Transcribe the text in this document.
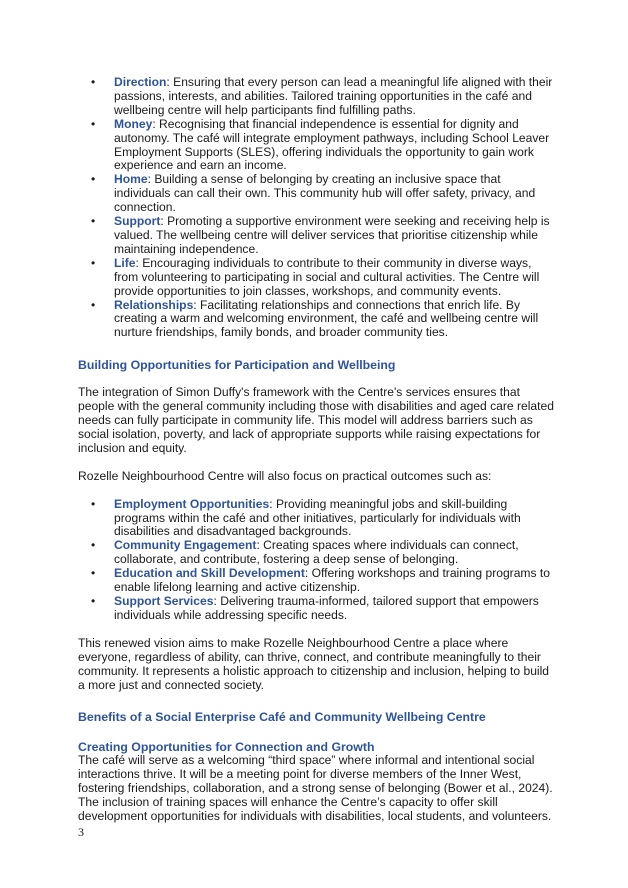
• Direction: Ensuring that every person can lead a meaningful life aligned with their passions, interests, and abilities. Tailored training opportunities in the café and wellbeing centre will help participants find fulfilling paths.
• Money: Recognising that financial independence is essential for dignity and autonomy. The café will integrate employment pathways, including School Leaver Employment Supports (SLES), offering individuals the opportunity to gain work experience and earn an income.
• Home: Building a sense of belonging by creating an inclusive space that individuals can call their own. This community hub will offer safety, privacy, and connection.
• Support: Promoting a supportive environment were seeking and receiving help is valued. The wellbeing centre will deliver services that prioritise citizenship while maintaining independence.
• Life: Encouraging individuals to contribute to their community in diverse ways, from volunteering to participating in social and cultural activities. The Centre will provide opportunities to join classes, workshops, and community events.
• Relationships: Facilitating relationships and connections that enrich life. By creating a warm and welcoming environment, the café and wellbeing centre will nurture friendships, family bonds, and broader community ties.
Building Opportunities for Participation and Wellbeing

The integration of Simon Duffy's framework with the Centre's services ensures that people with the general community including those with disabilities and aged care related needs can fully participate in community life. This model will address barriers such as social isolation, poverty, and lack of appropriate supports while raising expectations for inclusion and equity.

Rozelle Neighbourhood Centre will also focus on practical outcomes such as:

• Employment Opportunities: Providing meaningful jobs and skill-building programs within the café and other initiatives, particularly for individuals with disabilities and disadvantaged backgrounds.
• Community Engagement: Creating spaces where individuals can connect, collaborate, and contribute, fostering a deep sense of belonging.
• Education and Skill Development: Offering workshops and training programs to enable lifelong learning and active citizenship.
• Support Services: Delivering trauma-informed, tailored support that empowers individuals while addressing specific needs.

This renewed vision aims to make Rozelle Neighbourhood Centre a place where everyone, regardless of ability, can thrive, connect, and contribute meaningfully to their community. It represents a holistic approach to citizenship and inclusion, helping to build a more just and connected society.

Benefits of a Social Enterprise Café and Community Wellbeing Centre
Creating Opportunities for Connection and Growth

The café will serve as a welcoming “third space” where informal and intentional social interactions thrive. It will be a meeting point for diverse members of the Inner West, fostering friendships, collaboration, and a strong sense of belonging (Bower et al., 2024). The inclusion of training spaces will enhance the Centre’s capacity to offer skill development opportunities for individuals with disabilities, local students, and volunteers.

3
